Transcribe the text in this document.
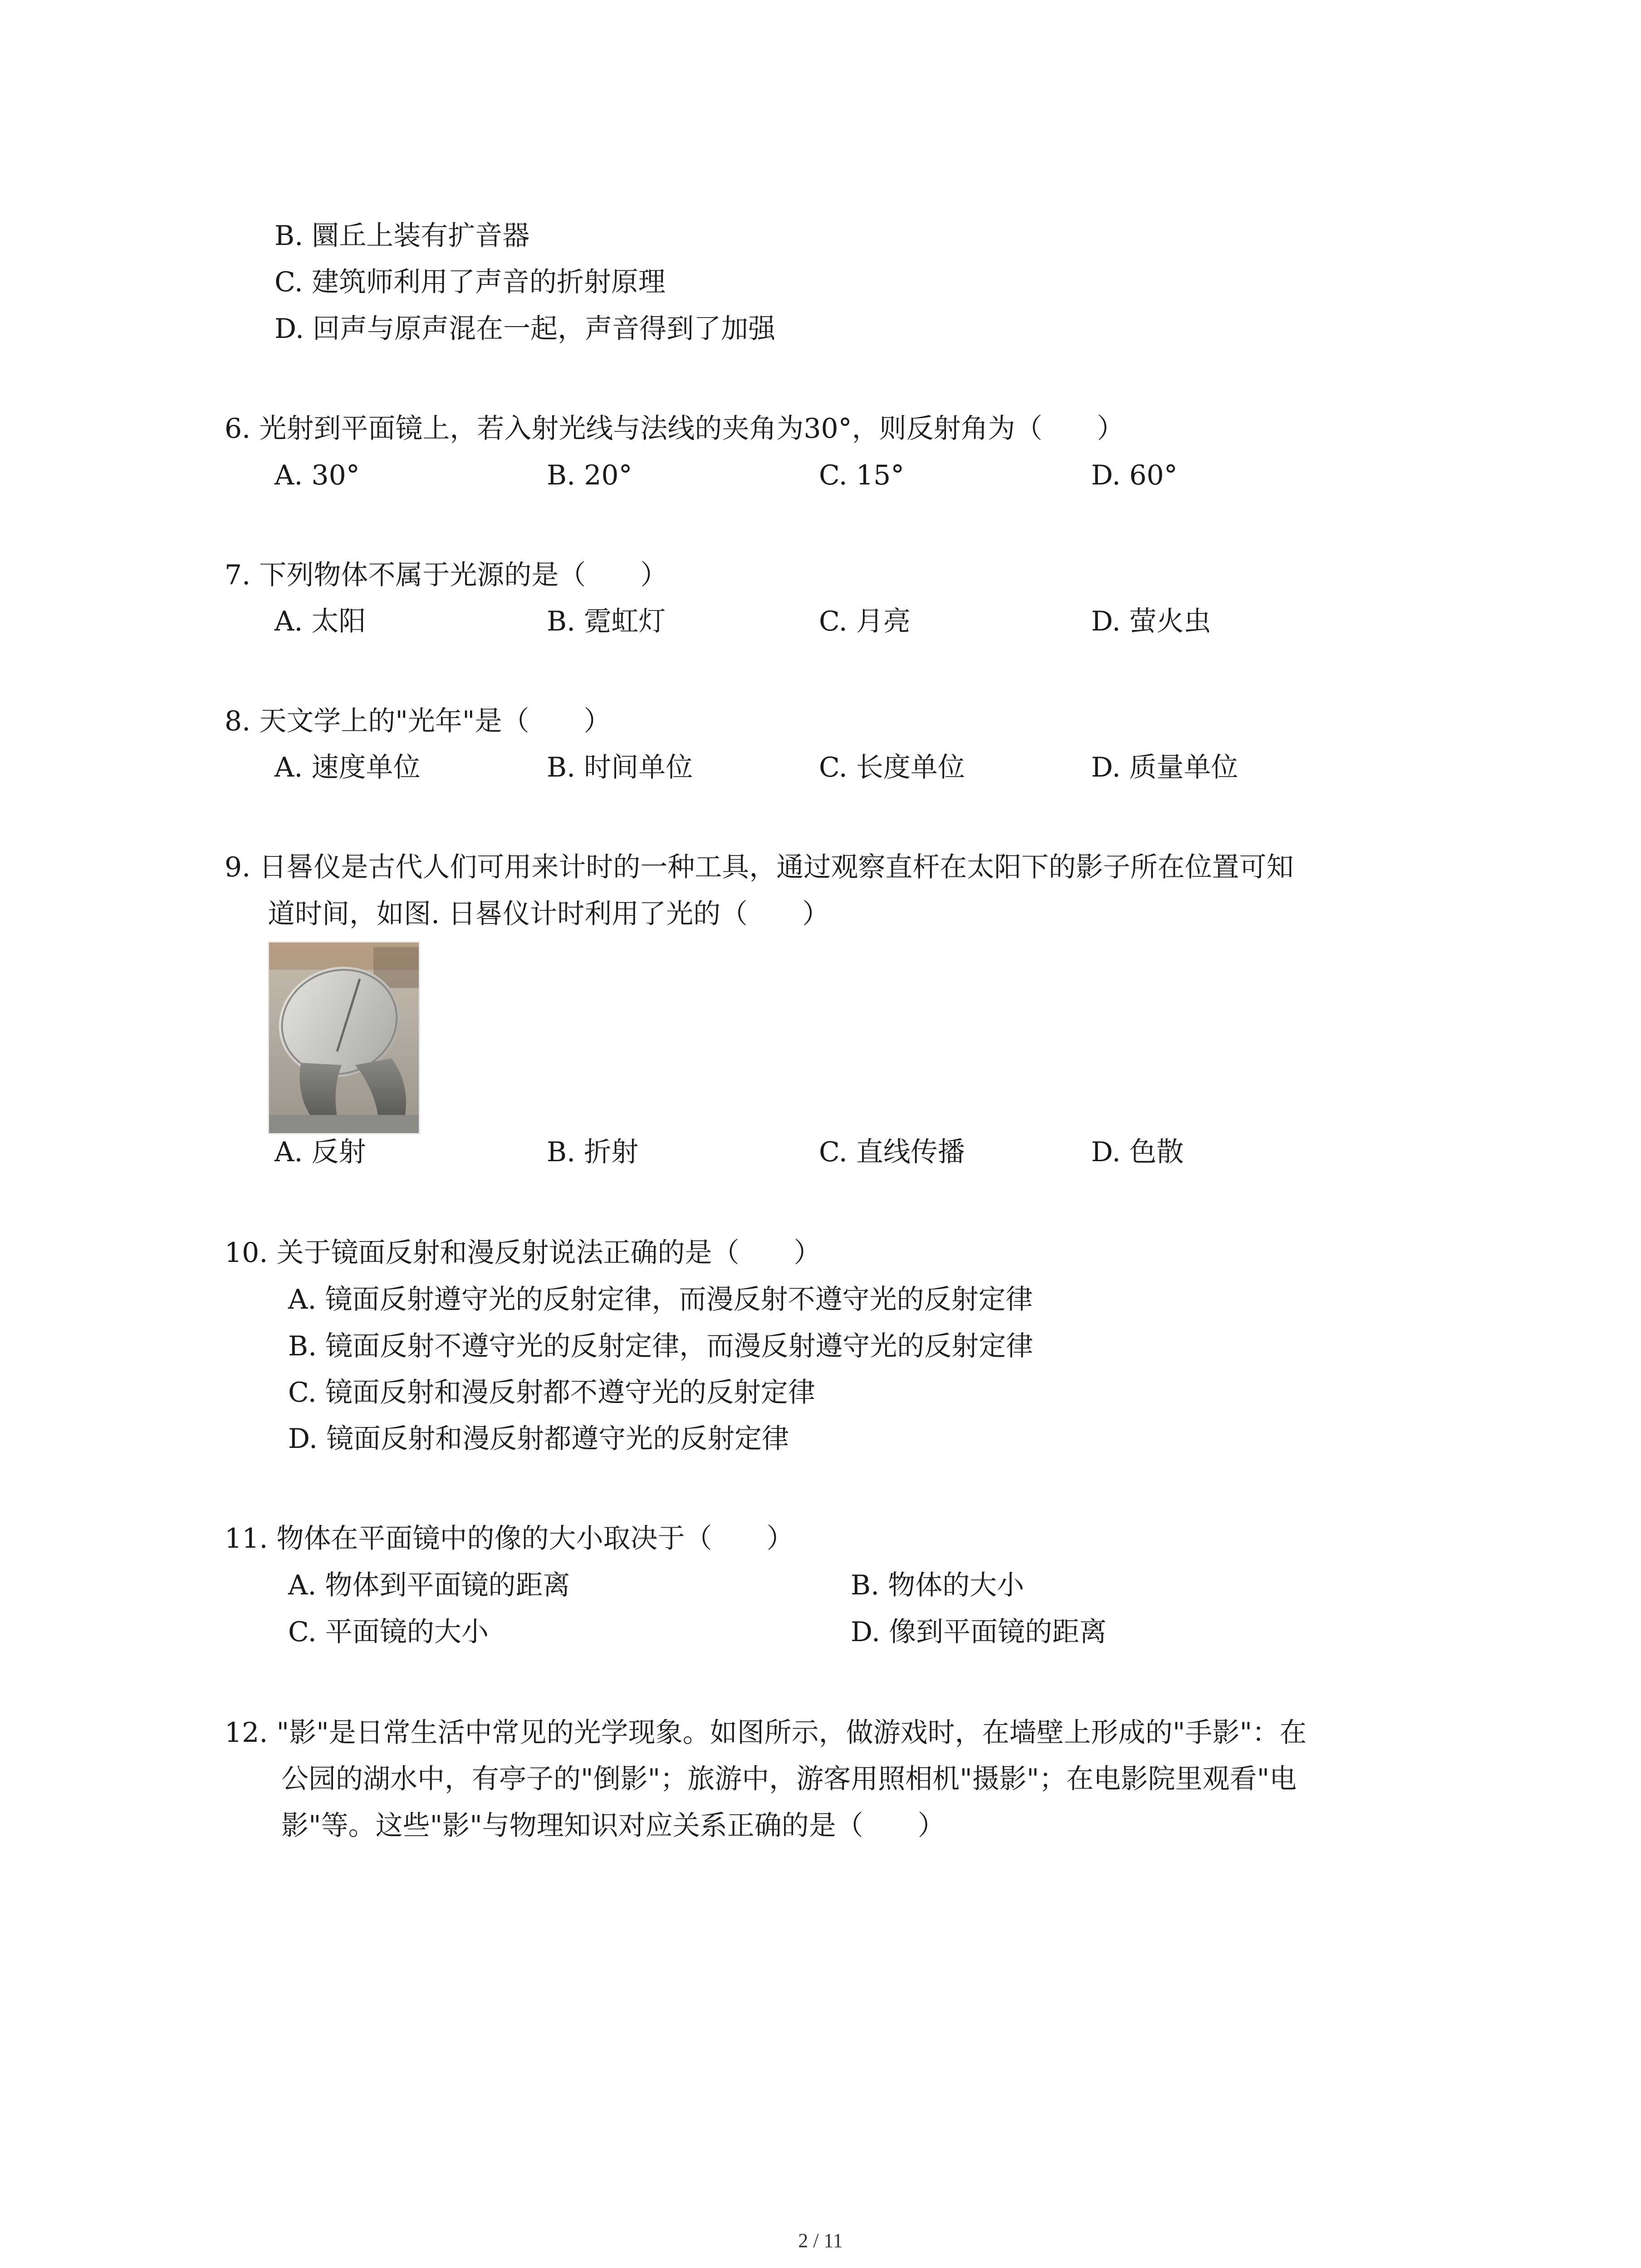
B. 圜丘上装有扩音器
C. 建筑师利用了声音的折射原理
D. 回声与原声混在一起，声音得到了加强
6. 光射到平面镜上，若入射光线与法线的夹角为30°，则反射角为（　　）
A. 30°	B. 20°	C. 15°	D. 60°
7. 下列物体不属于光源的是（　　）
A. 太阳	B. 霓虹灯	C. 月亮	D. 萤火虫
8. 天文学上的"光年"是（　　）
A. 速度单位	B. 时间单位	C. 长度单位	D. 质量单位
9. 日晷仪是古代人们可用来计时的一种工具，通过观察直杆在太阳下的影子所在位置可知
道时间，如图. 日晷仪计时利用了光的（　　）
A. 反射	B. 折射	C. 直线传播	D. 色散
10. 关于镜面反射和漫反射说法正确的是（　　）
A. 镜面反射遵守光的反射定律，而漫反射不遵守光的反射定律
B. 镜面反射不遵守光的反射定律，而漫反射遵守光的反射定律
C. 镜面反射和漫反射都不遵守光的反射定律
D. 镜面反射和漫反射都遵守光的反射定律
11. 物体在平面镜中的像的大小取决于（　　）
A. 物体到平面镜的距离	B. 物体的大小
C. 平面镜的大小	D. 像到平面镜的距离
12. "影"是日常生活中常见的光学现象。如图所示，做游戏时，在墙壁上形成的"手影"：在
公园的湖水中，有亭子的"倒影"；旅游中，游客用照相机"摄影"；在电影院里观看"电
影"等。这些"影"与物理知识对应关系正确的是（　　）
2 / 11
